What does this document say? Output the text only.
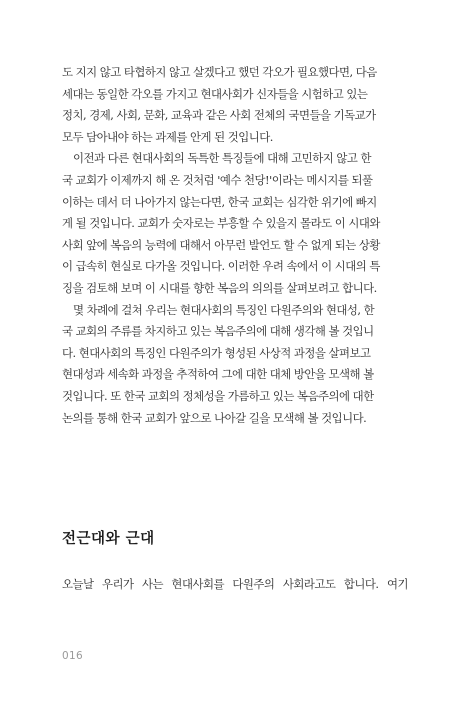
도 지지 않고 타협하지 않고 살겠다고 했던 각오가 필요했다면, 다음
세대는 동일한 각오를 가지고 현대사회가 신자들을 시험하고 있는
정치, 경제, 사회, 문화, 교육과 같은 사회 전체의 국면들을 기독교가
모두 담아내야 하는 과제를 안게 된 것입니다.

이전과 다른 현대사회의 독특한 특징들에 대해 고민하지 않고 한
국 교회가 이제까지 해 온 것처럼 '예수 천당!'이라는 메시지를 되풀
이하는 데서 더 나아가지 않는다면, 한국 교회는 심각한 위기에 빠지
게 될 것입니다. 교회가 숫자로는 부흥할 수 있을지 몰라도 이 시대와
사회 앞에 복음의 능력에 대해서 아무런 발언도 할 수 없게 되는 상황
이 급속히 현실로 다가올 것입니다. 이러한 우려 속에서 이 시대의 특
징을 검토해 보며 이 시대를 향한 복음의 의의를 살펴보려고 합니다.

몇 차례에 걸쳐 우리는 현대사회의 특징인 다원주의와 현대성, 한
국 교회의 주류를 차지하고 있는 복음주의에 대해 생각해 볼 것입니
다. 현대사회의 특징인 다원주의가 형성된 사상적 과정을 살펴보고
현대성과 세속화 과정을 추적하여 그에 대한 대체 방안을 모색해 볼
것입니다. 또 한국 교회의 정체성을 가름하고 있는 복음주의에 대한
논의를 통해 한국 교회가 앞으로 나아갈 길을 모색해 볼 것입니다.

전근대와 근대

오늘날 우리가 사는 현대사회를 다원주의 사회라고도 합니다. 여기

016
